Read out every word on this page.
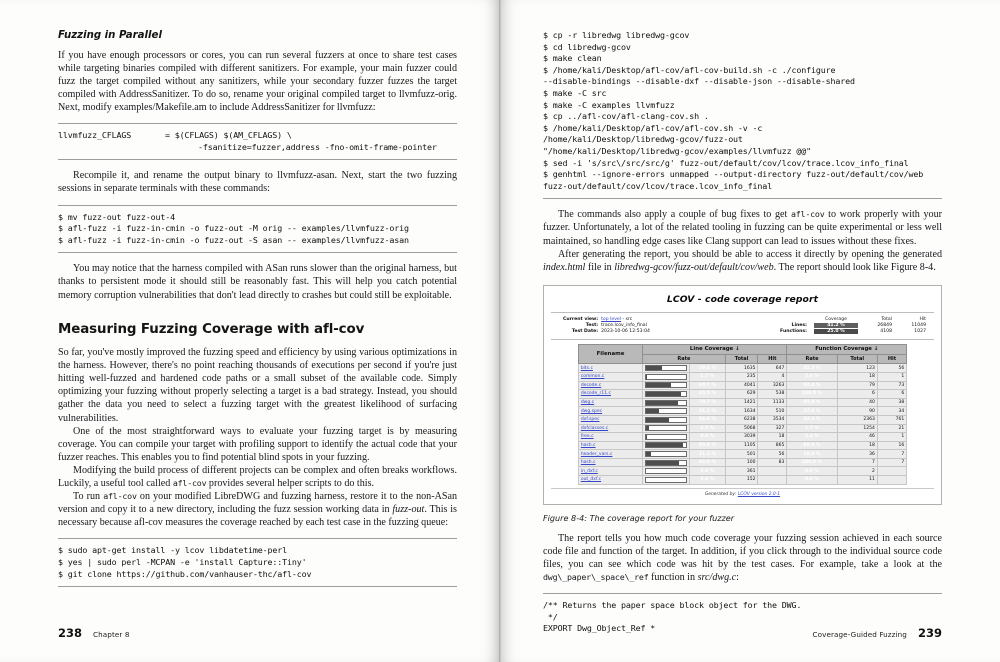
Fuzzing in Parallel

If you have enough processors or cores, you can run several fuzzers at once to share test cases while targeting binaries compiled with different sanitizers. For example, your main fuzzer could fuzz the target compiled without any sanitizers, while your secondary fuzzer fuzzes the target compiled with AddressSanitizer. To do so, rename your original compiled target to llvmfuzz-orig. Next, modify examples/Makefile.am to include AddressSanitizer for llvmfuzz:

llvmfuzz_CFLAGS	= $(CFLAGS) $(AM_CFLAGS) \
-fsanitize=fuzzer,address -fno-omit-frame-pointer

Recompile it, and rename the output binary to llvmfuzz-asan. Next, start the two fuzzing sessions in separate terminals with these commands:

$ mv fuzz-out fuzz-out-4
$ afl-fuzz -i fuzz-in-cmin -o fuzz-out -M orig -- examples/llvmfuzz-orig
$ afl-fuzz -i fuzz-in-cmin -o fuzz-out -S asan -- examples/llvmfuzz-asan

You may notice that the harness compiled with ASan runs slower than the original harness, but thanks to persistent mode it should still be reasonably fast. This will help you catch potential memory corruption vulnerabilities that don't lead directly to crashes but could still be exploitable.

Measuring Fuzzing Coverage with afl-cov

So far, you've mostly improved the fuzzing speed and efficiency by using various optimizations in the harness. However, there's no point reaching thousands of executions per second if you're just hitting well-fuzzed and hardened code paths or a small subset of the available code. Simply optimizing your fuzzing without properly selecting a target is a bad strategy. Instead, you should gather the data you need to select a fuzzing target with the greatest likelihood of surfacing vulnerabilities.

One of the most straightforward ways to evaluate your fuzzing target is by measuring coverage. You can compile your target with profiling support to identify the actual code that your fuzzer reaches. This enables you to find potential blind spots in your fuzzing.

Modifying the build process of different projects can be complex and often breaks workflows. Luckily, a useful tool called afl-cov provides several helper scripts to do this.

To run afl-cov on your modified LibreDWG and fuzzing harness, restore it to the non-ASan version and copy it to a new directory, including the fuzz session working data in fuzz-out. This is necessary because afl-cov measures the coverage reached by each test case in the fuzzing queue:

$ sudo apt-get install -y lcov libdatetime-perl
$ yes | sudo perl -MCPAN -e 'install Capture::Tiny'
$ git clone https://github.com/vanhauser-thc/afl-cov
238 Chapter 8
$ cp -r libredwg libredwg-gcov
$ cd libredwg-gcov
$ make clean
$ /home/kali/Desktop/afl-cov/afl-cov-build.sh -c ./configure
--disable-bindings --disable-dxf --disable-json --disable-shared
$ make -C src
$ make -C examples llvmfuzz
$ cp ../afl-cov/afl-clang-cov.sh .
$ /home/kali/Desktop/afl-cov/afl-cov.sh -v -c
/home/kali/Desktop/libredwg-gcov/fuzz-out
"/home/kali/Desktop/libredwg-gcov/examples/llvmfuzz @@"
$ sed -i 's/src\/src/src/g' fuzz-out/default/cov/lcov/trace.lcov_info_final
$ genhtml --ignore-errors unmapped --output-directory fuzz-out/default/cov/web
fuzz-out/default/cov/lcov/trace.lcov_info_final

The commands also apply a couple of bug fixes to get afl-cov to work properly with your fuzzer. Unfortunately, a lot of the related tooling in fuzzing can be quite experimental or less well maintained, so handling edge cases like Clang support can lead to issues without these fixes.

After generating the report, you should be able to access it directly by opening the generated index.html file in libredwg-gcov/fuzz-out/default/cov/web. The report should look like Figure 8-4.

LCOV - code coverage report
Current view:	top level - src
Test:	trace.lcov_info_final
Test Date:	2023-10-06 12:53:04
	Coverage	Total	Hit
Lines:	41.2 %	26849	11049
Functions:	25.0 %	4108	1027
Filename	Line Coverage ↓				Function Coverage ↓		
	Rate		Total	Hit	Rate	Total	Hit
bits.c		39.6 %	1635	647	45.5 %	123	56
common.c		1.7 %	235	4	5.6 %	18	1
decode.c		60.7 %	4041	3263	92.4 %	79	73
decode_r11.c		85.5 %	629	538	100.0 %	6	6
dwg.c		79.7 %	1421	1133	95.0 %	40	38
dwg.spec		31.2 %	1634	510	37.8 %	90	34
dxf.spec		56.6 %	6238	3534	32.2 %	2363	761
dxfclasses.c		6.5 %	5068	327	1.7 %	1254	21
free.c		0.6 %	3039	18	2.2 %	46	1
hash.c		90.9 %	1105	865	88.9 %	18	16
header_vars.c		11.2 %	501	56	19.4 %	36	7
hash.c		83.0 %	100	83	100.0 %	7	7
in_dxf.c		0.0 %	361		0.0 %	2	
out_dxf.c		0.0 %	152		0.0 %	11	
Generated by: LCOV version 2.0-1
Figure 8-4: The coverage report for your fuzzer

The report tells you how much code coverage your fuzzing session achieved in each source code file and function of the target. In addition, if you click through to the individual source code files, you can see which code was hit by the test cases. For example, take a look at the dwg\_paper\_space\_ref function in src/dwg.c:

/** Returns the paper space block object for the DWG.
*/
EXPORT Dwg_Object_Ref *
Coverage-Guided Fuzzing 239
